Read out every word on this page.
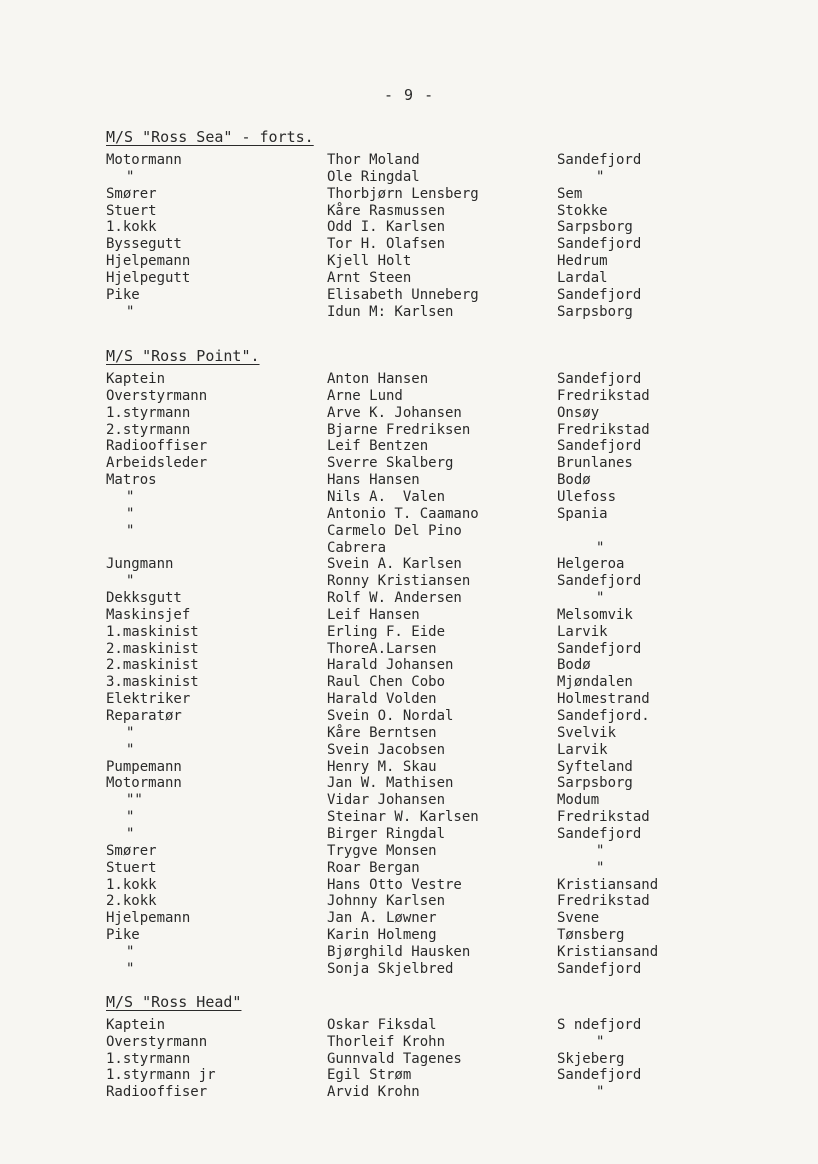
- 9 -
M/S "Ross Sea" - forts.
Motormann	Thor Moland	Sandefjord
"	Ole Ringdal	"
Smører	Thorbjørn Lensberg	Sem
Stuert	Kåre Rasmussen	Stokke
1.kokk	Odd I. Karlsen	Sarpsborg
Byssegutt	Tor H. Olafsen	Sandefjord
Hjelpemann	Kjell Holt	Hedrum
Hjelpegutt	Arnt Steen	Lardal
Pike	Elisabeth Unneberg	Sandefjord
"	Idun M: Karlsen	Sarpsborg
M/S "Ross Point".
Kaptein	Anton Hansen	Sandefjord
Overstyrmann	Arne Lund	Fredrikstad
1.styrmann	Arve K. Johansen	Onsøy
2.styrmann	Bjarne Fredriksen	Fredrikstad
Radiooffiser	Leif Bentzen	Sandefjord
Arbeidsleder	Sverre Skalberg	Brunlanes
Matros	Hans Hansen	Bodø
"	Nils A.  Valen	Ulefoss
"	Antonio T. Caamano	Spania
"	Carmelo Del Pino
Cabrera	"
Jungmann	Svein A. Karlsen	Helgeroa
"	Ronny Kristiansen	Sandefjord
Dekksgutt	Rolf W. Andersen	"
Maskinsjef	Leif Hansen	Melsomvik
1.maskinist	Erling F. Eide	Larvik
2.maskinist	ThoreA.Larsen	Sandefjord
2.maskinist	Harald Johansen	Bodø
3.maskinist	Raul Chen Cobo	Mjøndalen
Elektriker	Harald Volden	Holmestrand
Reparatør	Svein O. Nordal	Sandefjord.
"	Kåre Berntsen	Svelvik
"	Svein Jacobsen	Larvik
Pumpemann	Henry M. Skau	Syfteland
Motormann	Jan W. Mathisen	Sarpsborg
""	Vidar Johansen	Modum
"	Steinar W. Karlsen	Fredrikstad
"	Birger Ringdal	Sandefjord
Smører	Trygve Monsen	"
Stuert	Roar Bergan	"
1.kokk	Hans Otto Vestre	Kristiansand
2.kokk	Johnny Karlsen	Fredrikstad
Hjelpemann	Jan A. Løwner	Svene
Pike	Karin Holmeng	Tønsberg
"	Bjørghild Hausken	Kristiansand
"	Sonja Skjelbred	Sandefjord
M/S "Ross Head"
Kaptein	Oskar Fiksdal	S ndefjord
Overstyrmann	Thorleif Krohn	"
1.styrmann	Gunnvald Tagenes	Skjeberg
1.styrmann jr	Egil Strøm	Sandefjord
Radiooffiser	Arvid Krohn	"
